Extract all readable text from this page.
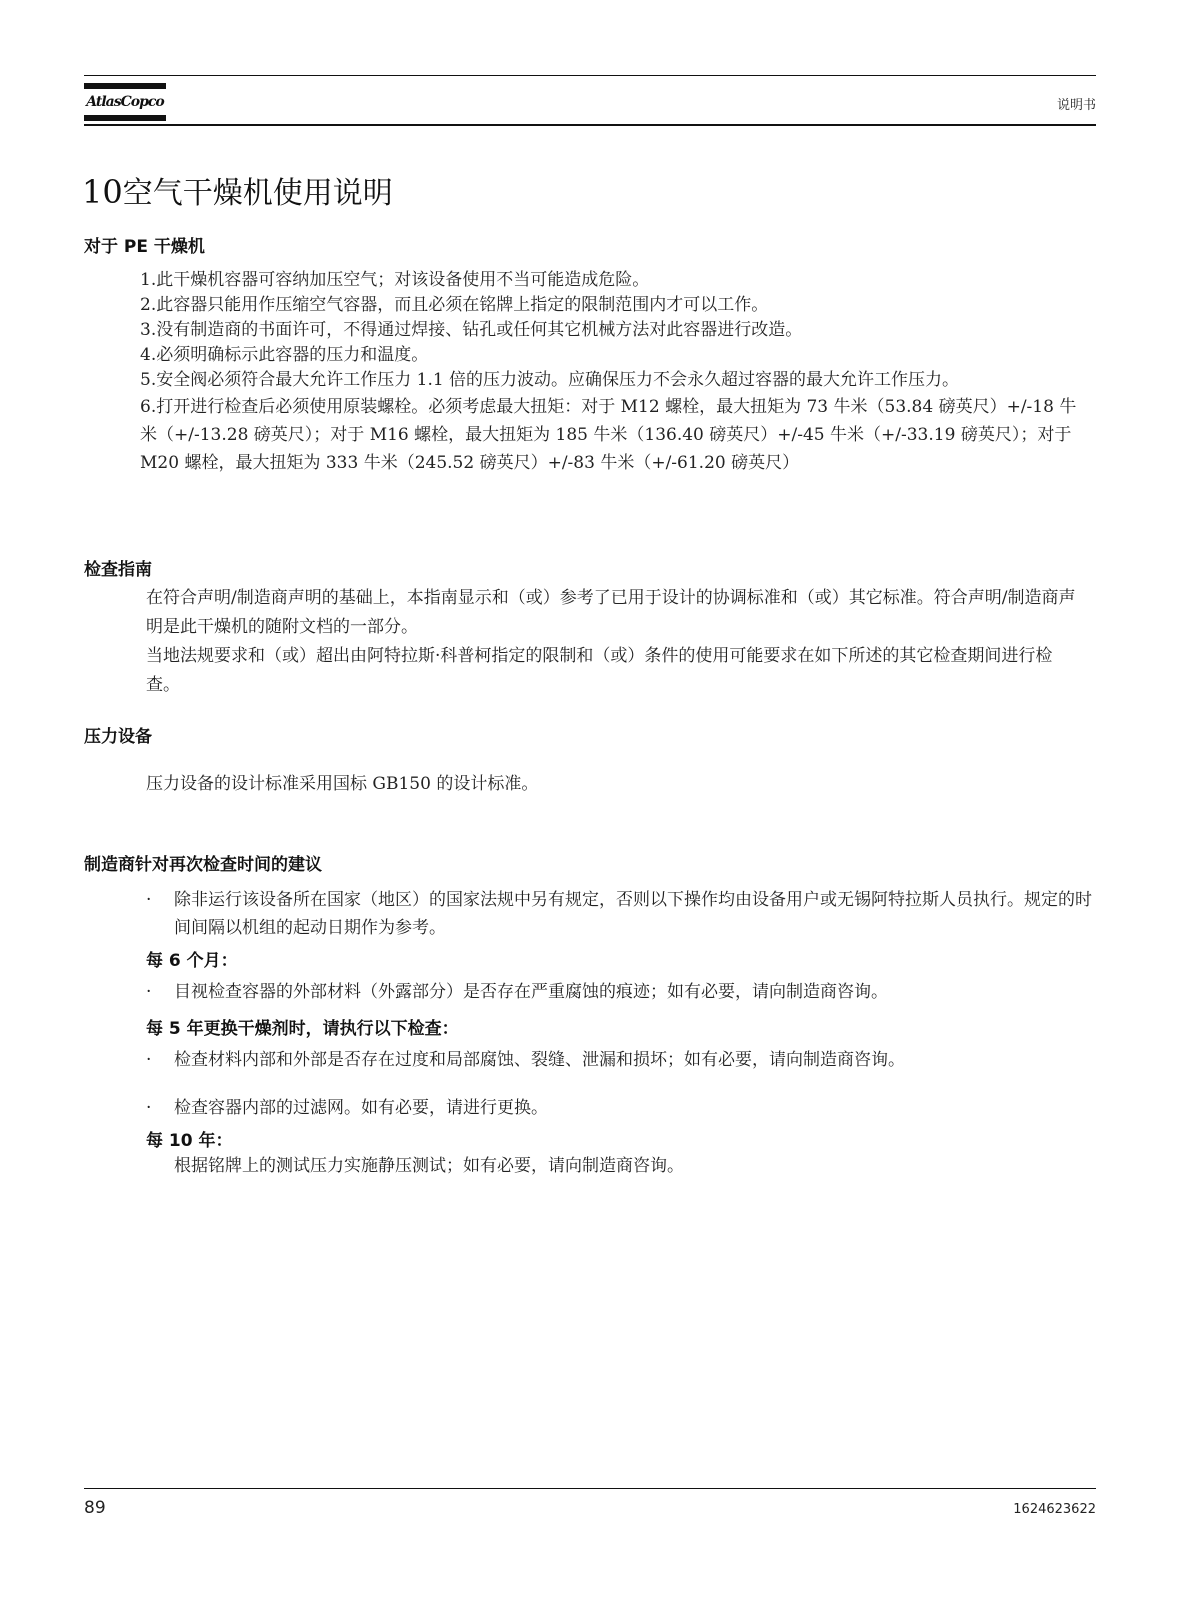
AtlasCopco	说明书
10空气干燥机使用说明
对于 PE 干燥机

1.此干燥机容器可容纳加压空气；对该设备使用不当可能造成危险。

2.此容器只能用作压缩空气容器，而且必须在铭牌上指定的限制范围内才可以工作。

3.没有制造商的书面许可，不得通过焊接、钻孔或任何其它机械方法对此容器进行改造。

4.必须明确标示此容器的压力和温度。

5.安全阀必须符合最大允许工作压力 1.1 倍的压力波动。应确保压力不会永久超过容器的最大允许工作压力。

6.打开进行检查后必须使用原装螺栓。必须考虑最大扭矩：对于 M12 螺栓，最大扭矩为 73 牛米（53.84 磅英尺）+/-18 牛米（+/-13.28 磅英尺）；对于 M16 螺栓，最大扭矩为 185 牛米（136.40 磅英尺）+/-45 牛米（+/-33.19 磅英尺）；对于 M20 螺栓，最大扭矩为 333 牛米（245.52 磅英尺）+/-83 牛米（+/-61.20 磅英尺）

检查指南

在符合声明/制造商声明的基础上，本指南显示和（或）参考了已用于设计的协调标准和（或）其它标准。符合声明/制造商声明是此干燥机的随附文档的一部分。

当地法规要求和（或）超出由阿特拉斯·科普柯指定的限制和（或）条件的使用可能要求在如下所述的其它检查期间进行检查。

压力设备
压力设备的设计标准采用国标 GB150 的设计标准。
制造商针对再次检查时间的建议
·	除非运行该设备所在国家（地区）的国家法规中另有规定，否则以下操作均由设备用户或无锡阿特拉斯人员执行。规定的时间间隔以机组的起动日期作为参考。
每 6 个月：
·	目视检查容器的外部材料（外露部分）是否存在严重腐蚀的痕迹；如有必要，请向制造商咨询。
每 5 年更换干燥剂时，请执行以下检查：
·	检查材料内部和外部是否存在过度和局部腐蚀、裂缝、泄漏和损坏；如有必要，请向制造商咨询。
·	检查容器内部的过滤网。如有必要，请进行更换。
每 10 年：
根据铭牌上的测试压力实施静压测试；如有必要，请向制造商咨询。
89	1624623622
